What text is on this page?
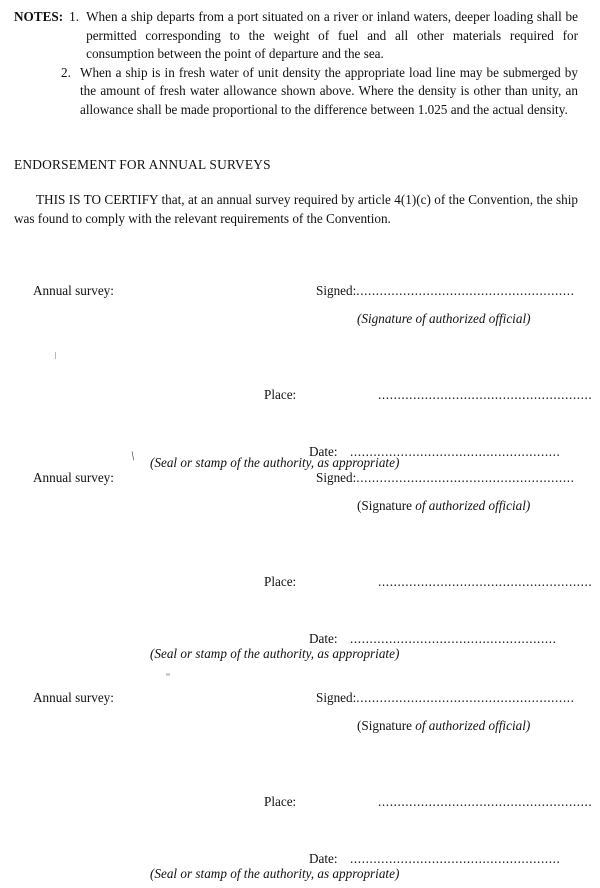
NOTES: 1. When a ship departs from a port situated on a river or inland waters, deeper loading shall be permitted corresponding to the weight of fuel and all other materials required for consumption between the point of departure and the sea.
2. When a ship is in fresh water of unit density the appropriate load line may be submerged by the amount of fresh water allowance shown above. Where the density is other than unity, an allowance shall be made proportional to the difference between 1.025 and the actual density.
ENDORSEMENT FOR ANNUAL SURVEYS
THIS IS TO CERTIFY that, at an annual survey required by article 4(1)(c) of the Convention, the ship was found to comply with the relevant requirements of the Convention.
\
Annual survey:	Signed:........................................................
(Signature of authorized official)
Place:	.......................................................
Date: ......................................................
(Seal or stamp of the authority, as appropriate)
Annual survey:	Signed:........................................................
(Signature of authorized official)
Place:	.......................................................
Date: .....................................................
(Seal or stamp of the authority, as appropriate)
Annual survey:	Signed:........................................................
(Signature of authorized official)
Place:	.......................................................
Date: ......................................................
(Seal or stamp of the authority, as appropriate)
